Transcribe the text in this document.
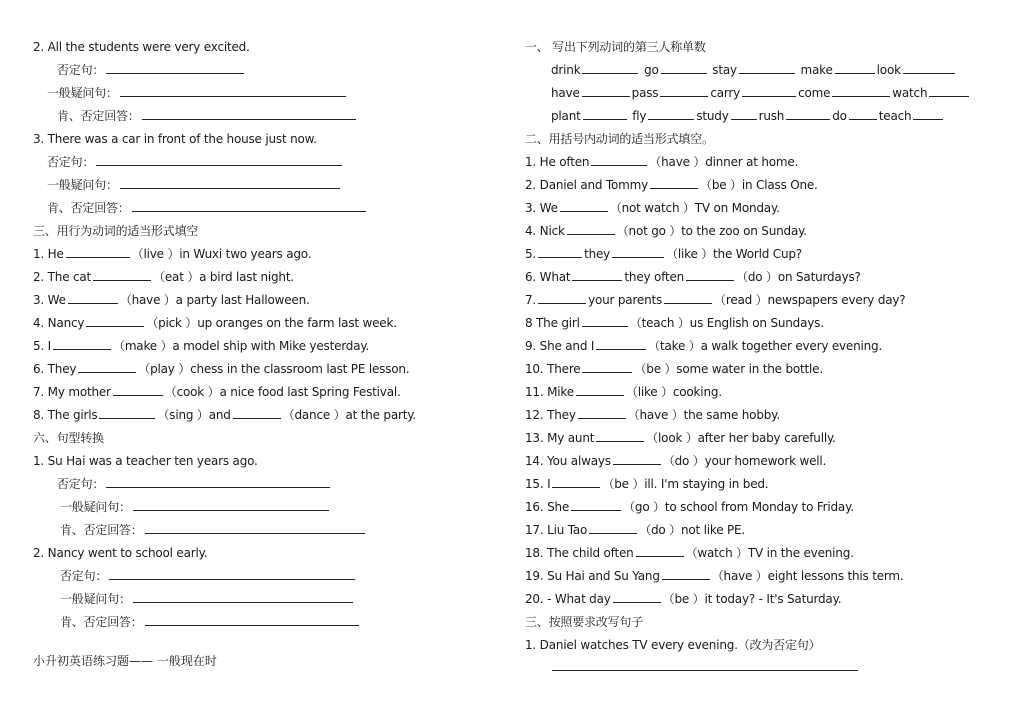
2. All the students were very excited.
否定句：
一般疑问句：
肯、否定回答：
3. There was a car in front of the house just now.
否定句：
一般疑问句：
肯、否定回答：
三、用行为动词的适当形式填空
1. He	（live ）in Wuxi two years ago.
2. The cat	（eat ）a bird last night.
3. We	（have ）a party last Halloween.
4. Nancy	（pick ）up oranges on the farm last week.
5. I	（make ）a model ship with Mike yesterday.
6. They	（play ）chess in the classroom last PE lesson.
7. My mother	（cook ）a nice food last Spring Festival.
8. The girls	（sing ）and	（dance ）at the party.
六、句型转换
1. Su Hai was a teacher ten years ago.
否定句：
一般疑问句：
肯、否定回答：
2. Nancy went to school early.
否定句：
一般疑问句：
肯、否定回答：
小升初英语练习题—— 一般现在时
一、 写出下列动词的第三人称单数
drink	go	stay	make	look
have	pass	carry	come	watch
plant	fly	study	rush	do	teach
二、用括号内动词的适当形式填空。
1. He often	（have ）dinner at home.
2. Daniel and Tommy	（be ）in Class One.
3. We	（not watch ）TV on Monday.
4. Nick	（not go ）to the zoo on Sunday.
5.	they	（like ）the World Cup?
6. What	they often	（do ）on Saturdays?
7.	your parents	（read ）newspapers every day?
8 The girl	（teach ）us English on Sundays.
9. She and I	（take ）a walk together every evening.
10. There	（be ）some water in the bottle.
11. Mike	（like ）cooking.
12. They	（have ）the same hobby.
13. My aunt	（look ）after her baby carefully.
14. You always	（do ）your homework well.
15. I	（be ）ill. I'm staying in bed.
16. She	（go ）to school from Monday to Friday.
17. Liu Tao	（do ）not like PE.
18. The child often	（watch ）TV in the evening.
19. Su Hai and Su Yang	（have ）eight lessons this term.
20. - What day	（be ）it today? - It's Saturday.
三、按照要求改写句子
1. Daniel watches TV every evening.（改为否定句）
